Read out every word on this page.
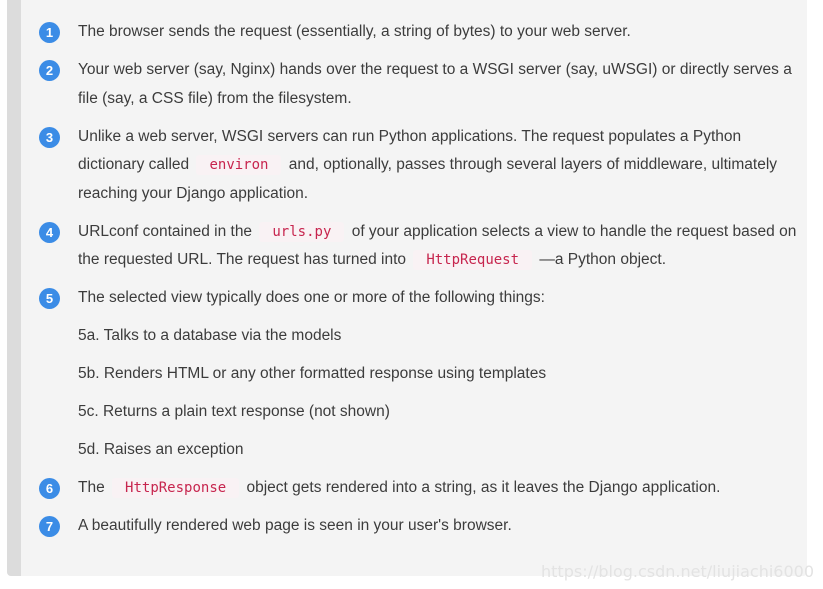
1	The browser sends the request (essentially, a string of bytes) to your web server.
2	Your web server (say, Nginx) hands over the request to a WSGI server (say, uWSGI) or directly serves a file (say, a CSS file) from the filesystem.
3	Unlike a web server, WSGI servers can run Python applications. The request populates a Python dictionary called environ and, optionally, passes through several layers of middleware, ultimately reaching your Django application.
4	URLconf contained in the urls.py of your application selects a view to handle the request based on the requested URL. The request has turned into HttpRequest —a Python object.
5	The selected view typically does one or more of the following things:
5a. Talks to a database via the models
5b. Renders HTML or any other formatted response using templates
5c. Returns a plain text response (not shown)
5d. Raises an exception
6	The HttpResponse object gets rendered into a string, as it leaves the Django application.
7	A beautifully rendered web page is seen in your user's browser.
https://blog.csdn.net/liujiachi6000
